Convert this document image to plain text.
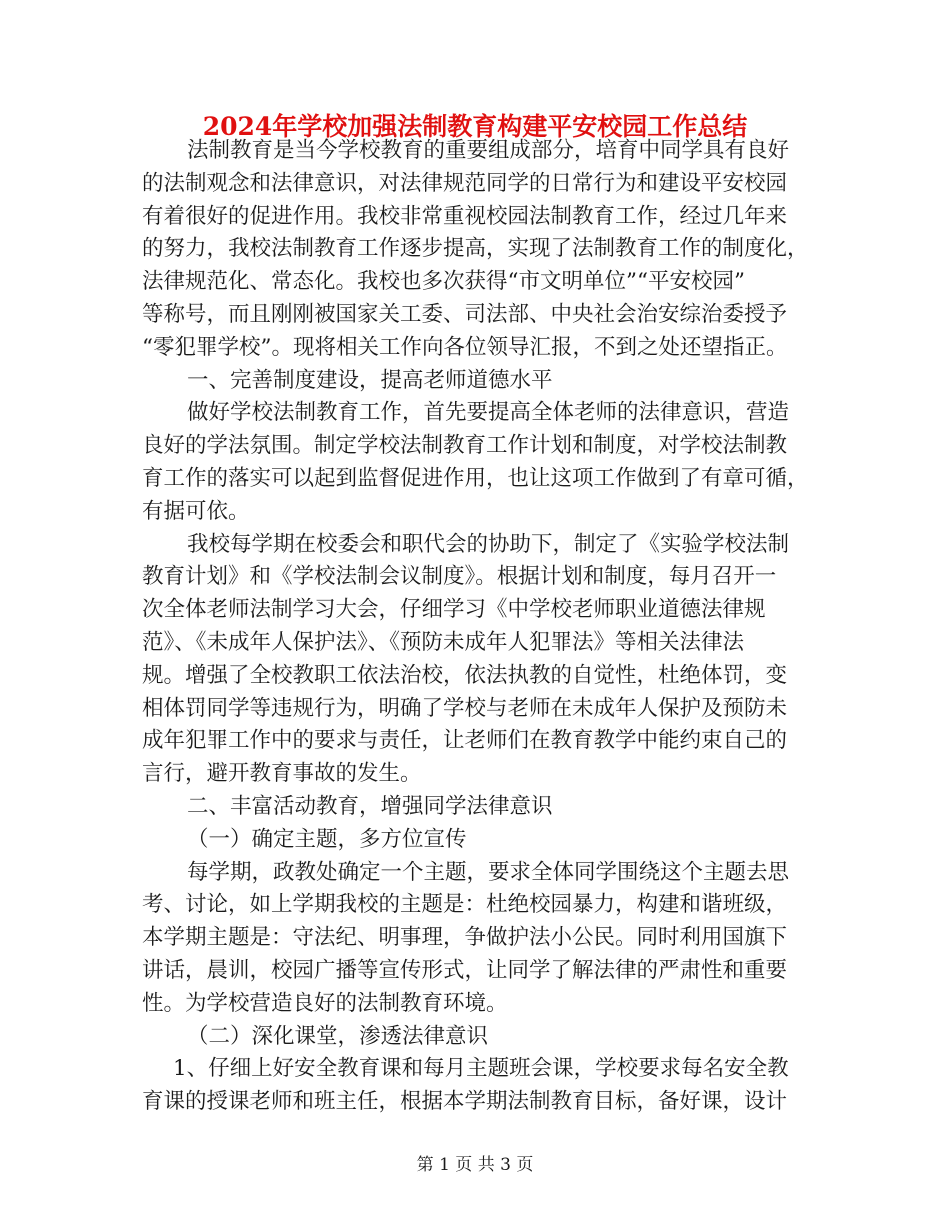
2024年学校加强法制教育构建平安校园工作总结
法制教育是当今学校教育的重要组成部分，培育中同学具有良好
的法制观念和法律意识，对法律规范同学的日常行为和建设平安校园
有着很好的促进作用。我校非常重视校园法制教育工作，经过几年来
的努力，我校法制教育工作逐步提高，实现了法制教育工作的制度化，
法律规范化、常态化。我校也多次获得“市文明单位”“平安校园”
等称号，而且刚刚被国家关工委、司法部、中央社会治安综治委授予
“零犯罪学校”。现将相关工作向各位领导汇报，不到之处还望指正。
一、完善制度建设，提高老师道德水平
做好学校法制教育工作，首先要提高全体老师的法律意识，营造
良好的学法氛围。制定学校法制教育工作计划和制度，对学校法制教
育工作的落实可以起到监督促进作用，也让这项工作做到了有章可循，
有据可依。
我校每学期在校委会和职代会的协助下，制定了《实验学校法制
教育计划》和《学校法制会议制度》。根据计划和制度，每月召开一
次全体老师法制学习大会，仔细学习《中学校老师职业道德法律规
范》、《未成年人保护法》、《预防未成年人犯罪法》等相关法律法
规。增强了全校教职工依法治校，依法执教的自觉性，杜绝体罚，变
相体罚同学等违规行为，明确了学校与老师在未成年人保护及预防未
成年犯罪工作中的要求与责任，让老师们在教育教学中能约束自己的
言行，避开教育事故的发生。
二、丰富活动教育，增强同学法律意识
（一）确定主题，多方位宣传
每学期，政教处确定一个主题，要求全体同学围绕这个主题去思
考、讨论，如上学期我校的主题是：杜绝校园暴力，构建和谐班级，
本学期主题是：守法纪、明事理，争做护法小公民。同时利用国旗下
讲话，晨训，校园广播等宣传形式，让同学了解法律的严肃性和重要
性。为学校营造良好的法制教育环境。
（二）深化课堂，渗透法律意识
1、仔细上好安全教育课和每月主题班会课，学校要求每名安全教
育课的授课老师和班主任，根据本学期法制教育目标，备好课，设计
第 1 页 共 3 页
